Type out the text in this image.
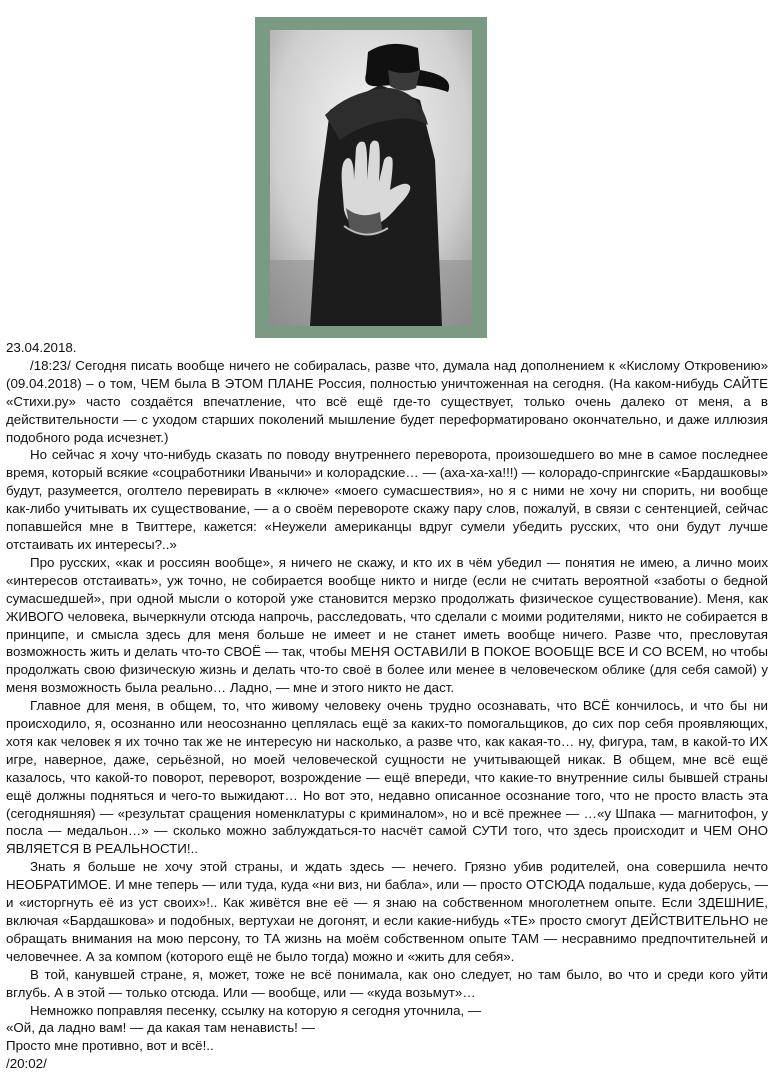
23.04.2018.

/18:23/ Сегодня писать вообще ничего не собиралась, разве что, думала над дополнением к «Кислому Откровению» (09.04.2018) – о том, ЧЕМ была В ЭТОМ ПЛАНЕ Россия, полностью уничтоженная на сегодня. (На каком-нибудь САЙТЕ «Стихи.ру» часто создаётся впечатление, что всё ещё где-то существует, только очень далеко от меня, а в действительности — с уходом старших поколений мышление будет переформатировано окончательно, и даже иллюзия подобного рода исчезнет.)

Но сейчас я хочу что-нибудь сказать по поводу внутреннего переворота, произошедшего во мне в самое последнее время, который всякие «соцработники Иванычи» и колорадские… — (аха-ха-ха!!!) — колорадо-спрингские «Бардашковы» будут, разумеется, оголтело перевирать в «ключе» «моего сумасшествия», но я с ними не хочу ни спорить, ни вообще как-либо учитывать их существование, — а о своём перевороте скажу пару слов, пожалуй, в связи с сентенцией, сейчас попавшейся мне в Твиттере, кажется: «Неужели американцы вдруг сумели убедить русских, что они будут лучше отстаивать их интересы?..»

Про русских, «как и россиян вообще», я ничего не скажу, и кто их в чём убедил — понятия не имею, а лично моих «интересов отстаивать», уж точно, не собирается вообще никто и нигде (если не считать вероятной «заботы о бедной сумасшедшей», при одной мысли о которой уже становится мерзко продолжать физическое существование). Меня, как ЖИВОГО человека, вычеркнули отсюда напрочь, расследовать, что сделали с моими родителями, никто не собирается в принципе, и смысла здесь для меня больше не имеет и не станет иметь вообще ничего. Разве что, пресловутая возможность жить и делать что-то СВОЁ — так, чтобы МЕНЯ ОСТАВИЛИ В ПОКОЕ ВООБЩЕ ВСЕ И СО ВСЕМ, но чтобы продолжать свою физическую жизнь и делать что-то своё в более или менее в человеческом облике (для себя самой) у меня возможность была реально… Ладно, — мне и этого никто не даст.

Главное для меня, в общем, то, что живому человеку очень трудно осознавать, что ВСЁ кончилось, и что бы ни происходило, я, осознанно или неосознанно цеплялась ещё за каких-то помогальщиков, до сих пор себя проявляющих, хотя как человек я их точно так же не интересую ни насколько, а разве что, как какая-то… ну, фигура, там, в какой-то ИХ игре, наверное, даже, серьёзной, но моей человеческой сущности не учитывающей никак. В общем, мне всё ещё казалось, что какой-то поворот, переворот, возрождение — ещё впереди, что какие-то внутренние силы бывшей страны ещё должны подняться и чего-то выжидают… Но вот это, недавно описанное осознание того, что не просто власть эта (сегодняшняя) — «результат сращения номенклатуры с криминалом», но и всё прежнее — …«у Шпака — магнитофон, у посла — медальон…» — сколько можно заблуждаться-то насчёт самой СУТИ того, что здесь происходит и ЧЕМ ОНО ЯВЛЯЕТСЯ В РЕАЛЬНОСТИ!..

Знать я больше не хочу этой страны, и ждать здесь — нечего. Грязно убив родителей, она совершила нечто НЕОБРАТИМОЕ. И мне теперь — или туда, куда «ни виз, ни бабла», или — просто ОТСЮДА подальше, куда доберусь, — и «исторгнуть её из уст своих»!.. Как живётся вне её — я знаю на собственном многолетнем опыте. Если ЗДЕШНИЕ, включая «Бардашкова» и подобных, вертухаи не догонят, и если какие-нибудь «ТЕ» просто смогут ДЕЙСТВИТЕЛЬНО не обращать внимания на мою персону, то ТА жизнь на моём собственном опыте ТАМ — несравнимо предпочтительней и человечнее. А за компом (которого ещё не было тогда) можно и «жить для себя».

В той, канувшей стране, я, может, тоже не всё понимала, как оно следует, но там было, во что и среди кого уйти вглубь. А в этой — только отсюда. Или — вообще, или — «куда возьмут»…

Немножко поправляя песенку, ссылку на которую я сегодня уточнила, —

«Ой, да ладно вам! — да какая там ненависть! —

Просто мне противно, вот и всё!..

/20:02/
